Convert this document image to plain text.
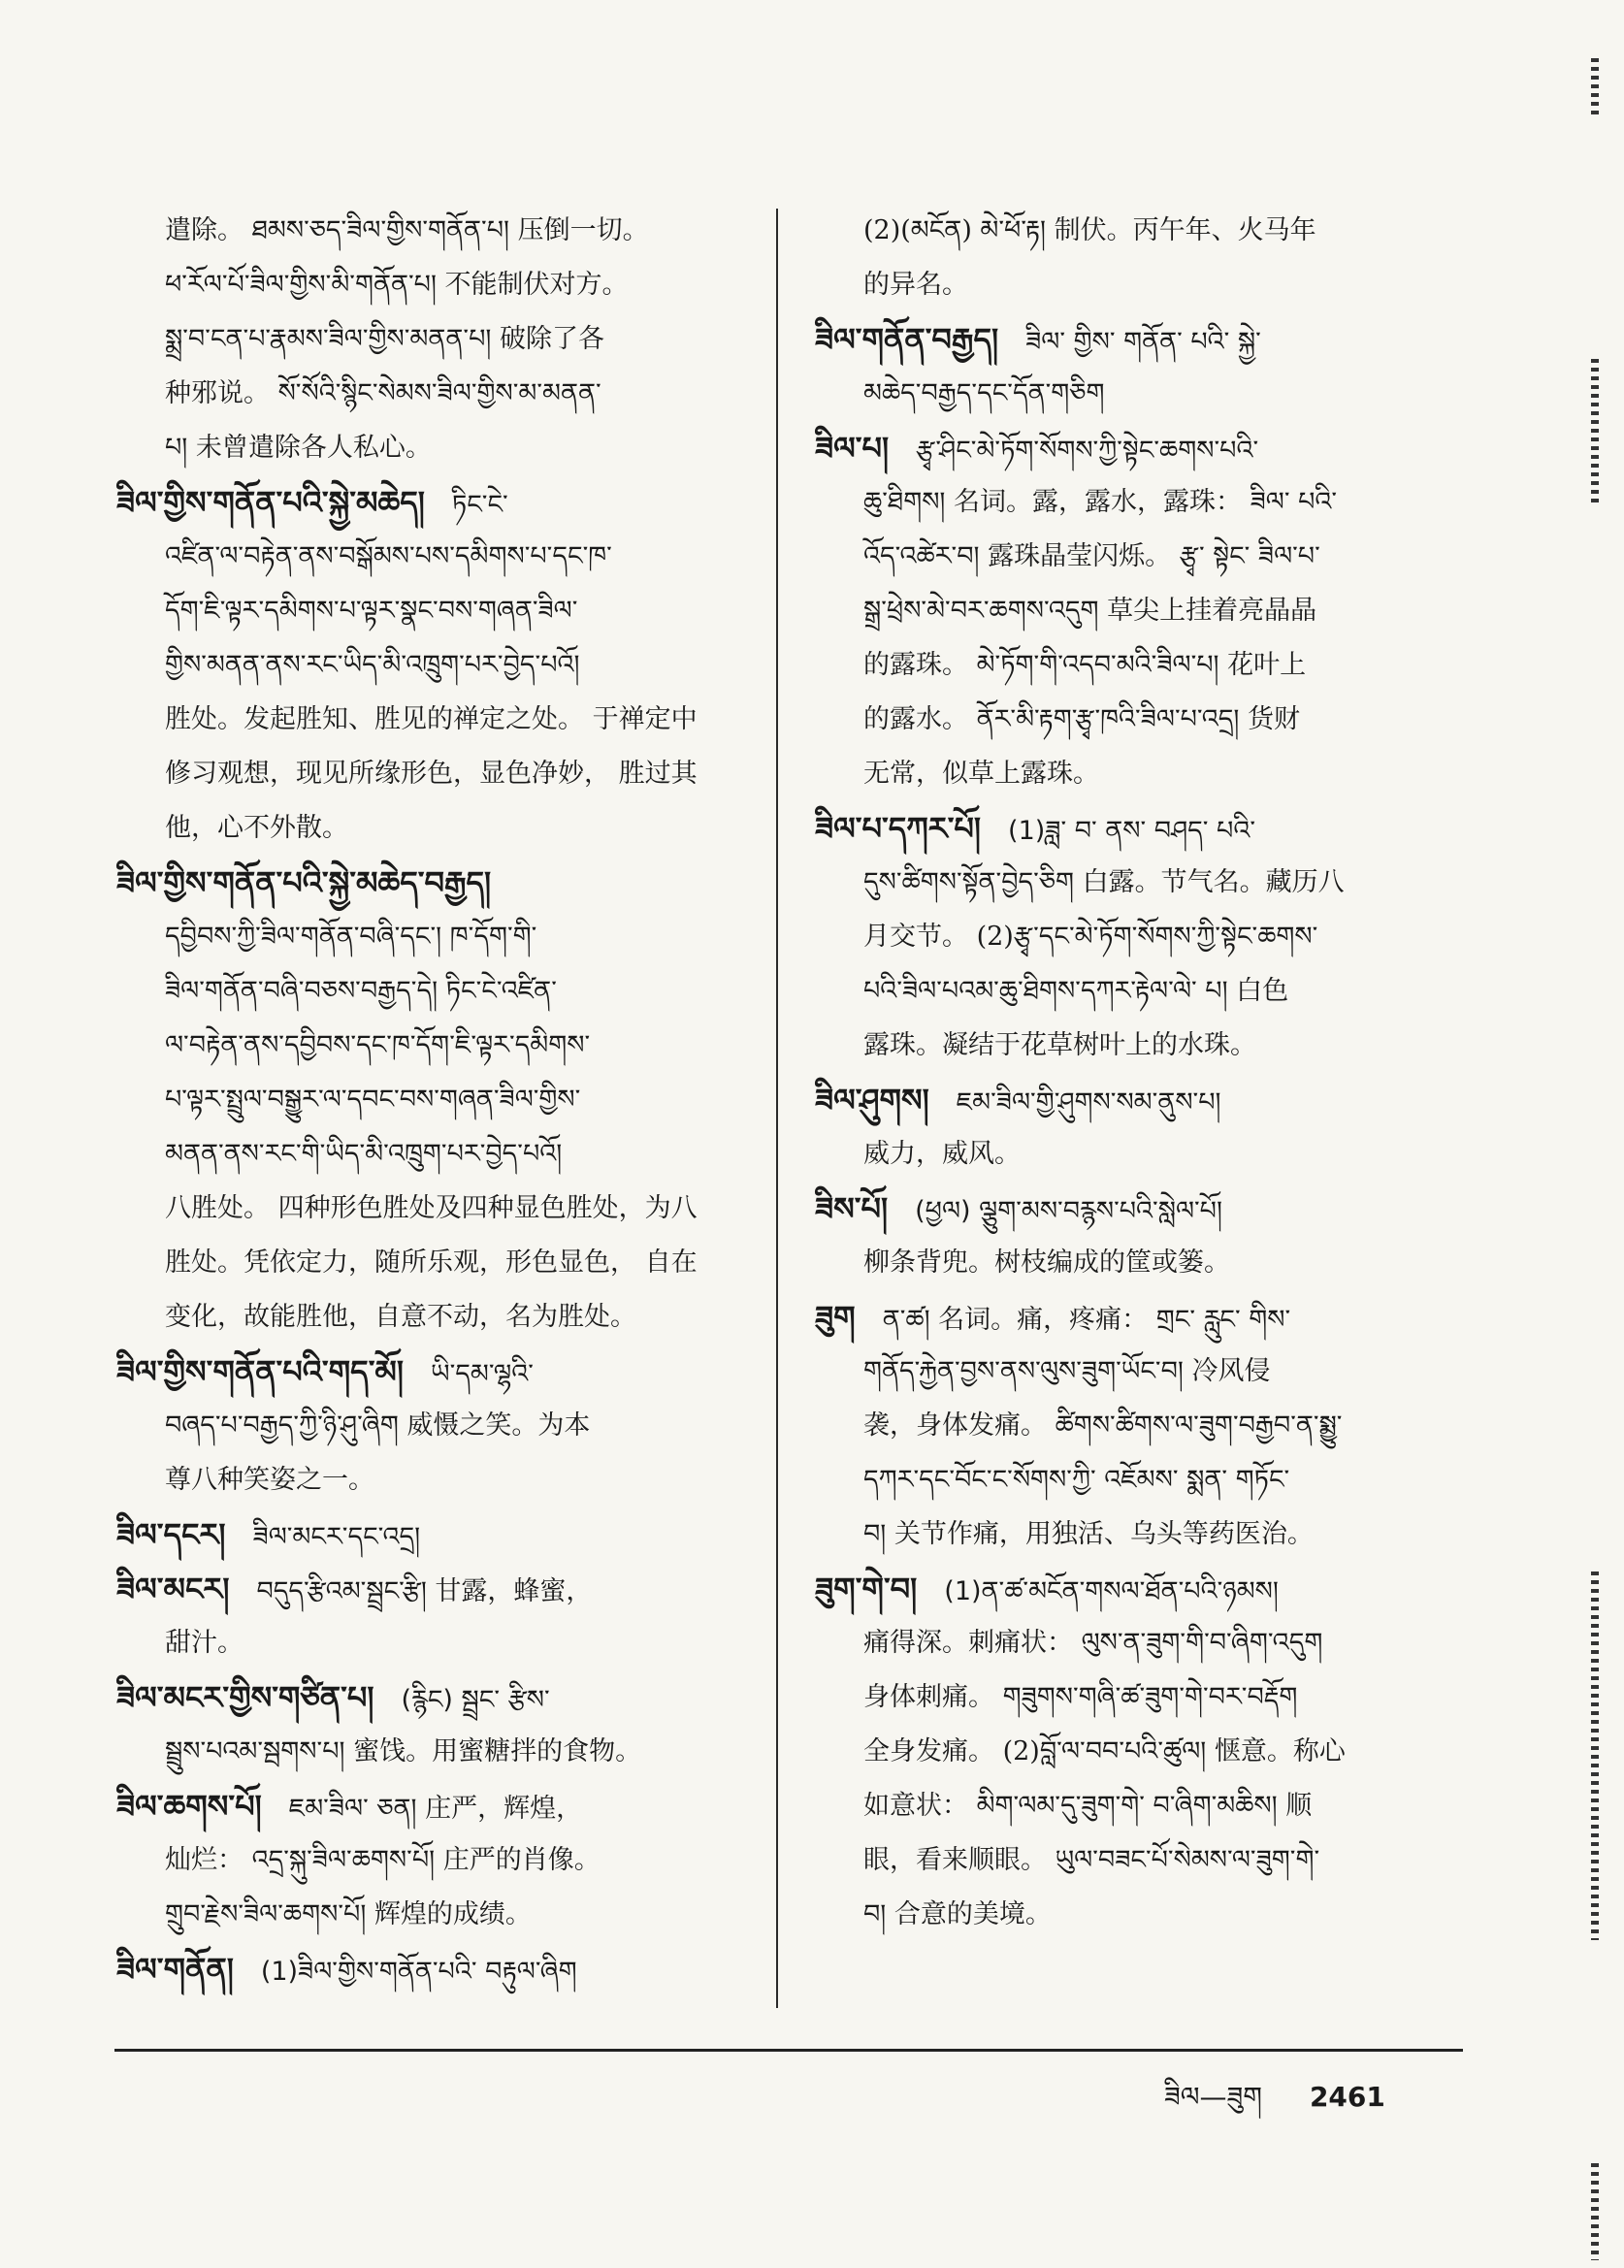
遣除。 ཐམས་ཅད་ཟིལ་གྱིས་གནོན་པ། 压倒一切。
ཕ་རོལ་པོ་ཟིལ་གྱིས་མི་གནོན་པ། 不能制伏对方。
སྨྲ་བ་ངན་པ་རྣམས་ཟིལ་གྱིས་མནན་པ། 破除了各
种邪说。 སོ་སོའི་སྙིང་སེམས་ཟིལ་གྱིས་མ་མནན་
པ། 未曾遣除各人私心。
ཟིལ་གྱིས་གནོན་པའི་སྐྱེ་མཆེད། ཏིང་ངེ་
འཛིན་ལ་བརྟེན་ནས་བསྒོམས་པས་དམིགས་པ་དང་ཁ་
དོག་ཇི་ལྟར་དམིགས་པ་ལྟར་སྣང་བས་གཞན་ཟིལ་
གྱིས་མནན་ནས་རང་ཡིད་མི་འཁྲུག་པར་བྱེད་པའོ།
胜处。发起胜知、胜见的禅定之处。 于禅定中
修习观想，现见所缘形色，显色净妙， 胜过其
他，心不外散。
ཟིལ་གྱིས་གནོན་པའི་སྐྱེ་མཆེད་བརྒྱད།
དབྱིབས་ཀྱི་ཟིལ་གནོན་བཞི་དང་། ཁ་དོག་གི་
ཟིལ་གནོན་བཞི་བཅས་བརྒྱད་དེ། ཏིང་ངེ་འཛིན་
ལ་བརྟེན་ནས་དབྱིབས་དང་ཁ་དོག་ཇི་ལྟར་དམིགས་
པ་ལྟར་སྤྲུལ་བསྒྱུར་ལ་དབང་བས་གཞན་ཟིལ་གྱིས་
མནན་ནས་རང་གི་ཡིད་མི་འཁྲུག་པར་བྱེད་པའོ།
八胜处。 四种形色胜处及四种显色胜处，为八
胜处。凭依定力，随所乐观，形色显色， 自在
变化，故能胜他，自意不动，名为胜处。
ཟིལ་གྱིས་གནོན་པའི་གད་མོ། ཡི་དམ་ལྷའི་
བཞད་པ་བརྒྱད་ཀྱི་ཉི་ཤུ་ཞིག 威慑之笑。为本
尊八种笑姿之一。
ཟིལ་དངར། ཟིལ་མངར་དང་འདྲ།
ཟིལ་མངར། བདུད་རྩིའམ་སྦྲང་རྩི། 甘露，蜂蜜，
甜汁。
ཟིལ་མངར་གྱིས་གཙིན་པ། (རྙིང) སྦྲང་ རྩིས་
སྦྲུས་པའམ་སྦགས་པ། 蜜饯。用蜜糖拌的食物。
ཟིལ་ཆགས་པོ། ཇམ་ཟིལ་ ཅན། 庄严，辉煌，
灿烂： འདྲ་སྐུ་ཟིལ་ཆགས་པོ། 庄严的肖像。
གྲུབ་རྗེས་ཟིལ་ཆགས་པོ། 辉煌的成绩。
ཟིལ་གནོན། (1)ཟིལ་གྱིས་གནོན་པའི་ བརྟུལ་ཞིག
(2)(མངོན) མེ་ཕོ་རྟ། 制伏。丙午年、火马年
的异名。
ཟིལ་གནོན་བརྒྱད། ཟིལ་ གྱིས་ གནོན་ པའི་ སྐྱེ་
མཆེད་བརྒྱད་དང་དོན་གཅིག
ཟིལ་པ། རྩྭ་ཤིང་མེ་ཏོག་སོགས་ཀྱི་སྟེང་ཆགས་པའི་
ཆུ་ཐིགས། 名词。露，露水，露珠： ཟིལ་ པའི་
འོད་འཚེར་བ། 露珠晶莹闪烁。 རྩྭ་ སྟེང་ ཟིལ་པ་
སྒྲ་ཕྲེས་མེ་བར་ཆགས་འདུག 草尖上挂着亮晶晶
的露珠。 མེ་ཏོག་གི་འདབ་མའི་ཟིལ་པ། 花叶上
的露水。 ནོར་མི་རྟག་རྩྭ་ཁའི་ཟིལ་པ་འདྲ། 货财
无常，似草上露珠。
ཟིལ་པ་དཀར་པོ། (1)ཟླ་ བ་ ནས་ བཤད་ པའི་
དུས་ཚིགས་སྟོན་བྱེད་ཅིག 白露。节气名。藏历八
月交节。 (2)རྩྭ་དང་མེ་ཏོག་སོགས་ཀྱི་སྟེང་ཆགས་
པའི་ཟིལ་པའམ་ཆུ་ཐིགས་དཀར་རྟེལ་ལེ་ པ། 白色
露珠。凝结于花草树叶上的水珠。
ཟིལ་ཤུགས། ཇམ་ཟིལ་གྱི་ཤུགས་སམ་ནུས་པ།
威力，威风。
ཟིས་པོ། (ཕྱལ) ལྕུག་མས་བརྙས་པའི་སླེལ་པོ།
柳条背兜。树枝编成的筐或篓。
ཟུག ན་ཚ། 名词。痛，疼痛： གྲང་ རླུང་ གིས་
གནོད་རྐྱེན་བྱས་ནས་ལུས་ཟུག་ཡོང་བ། 冷风侵
袭，身体发痛。 ཚིགས་ཚིགས་ལ་ཟུག་བརྒྱབ་ན་སྨྱུ་
དཀར་དང་བོང་ང་སོགས་ཀྱི་ འཇོམས་ སྨན་ གཏོང་
བ། 关节作痛，用独活、乌头等药医治。
ཟུག་གེ་བ། (1)ན་ཚ་མངོན་གསལ་ཐོན་པའི་ཉམས།
痛得深。刺痛状： ལུས་ན་ཟུག་གི་བ་ཞིག་འདུག
身体刺痛。 གཟུགས་གཞི་ཚ་ཟུག་གེ་བར་བརྡོག
全身发痛。 (2)བློ་ལ་བབ་པའི་ཚུལ། 惬意。称心
如意状： མིག་ལམ་དུ་ཟུག་གེ་ བ་ཞིག་མཆིས། 顺
眼，看来顺眼。 ཡུལ་བཟང་པོ་སེམས་ལ་ཟུག་གེ་
བ། 合意的美境。
ཟིལ—ཟུག 2461
